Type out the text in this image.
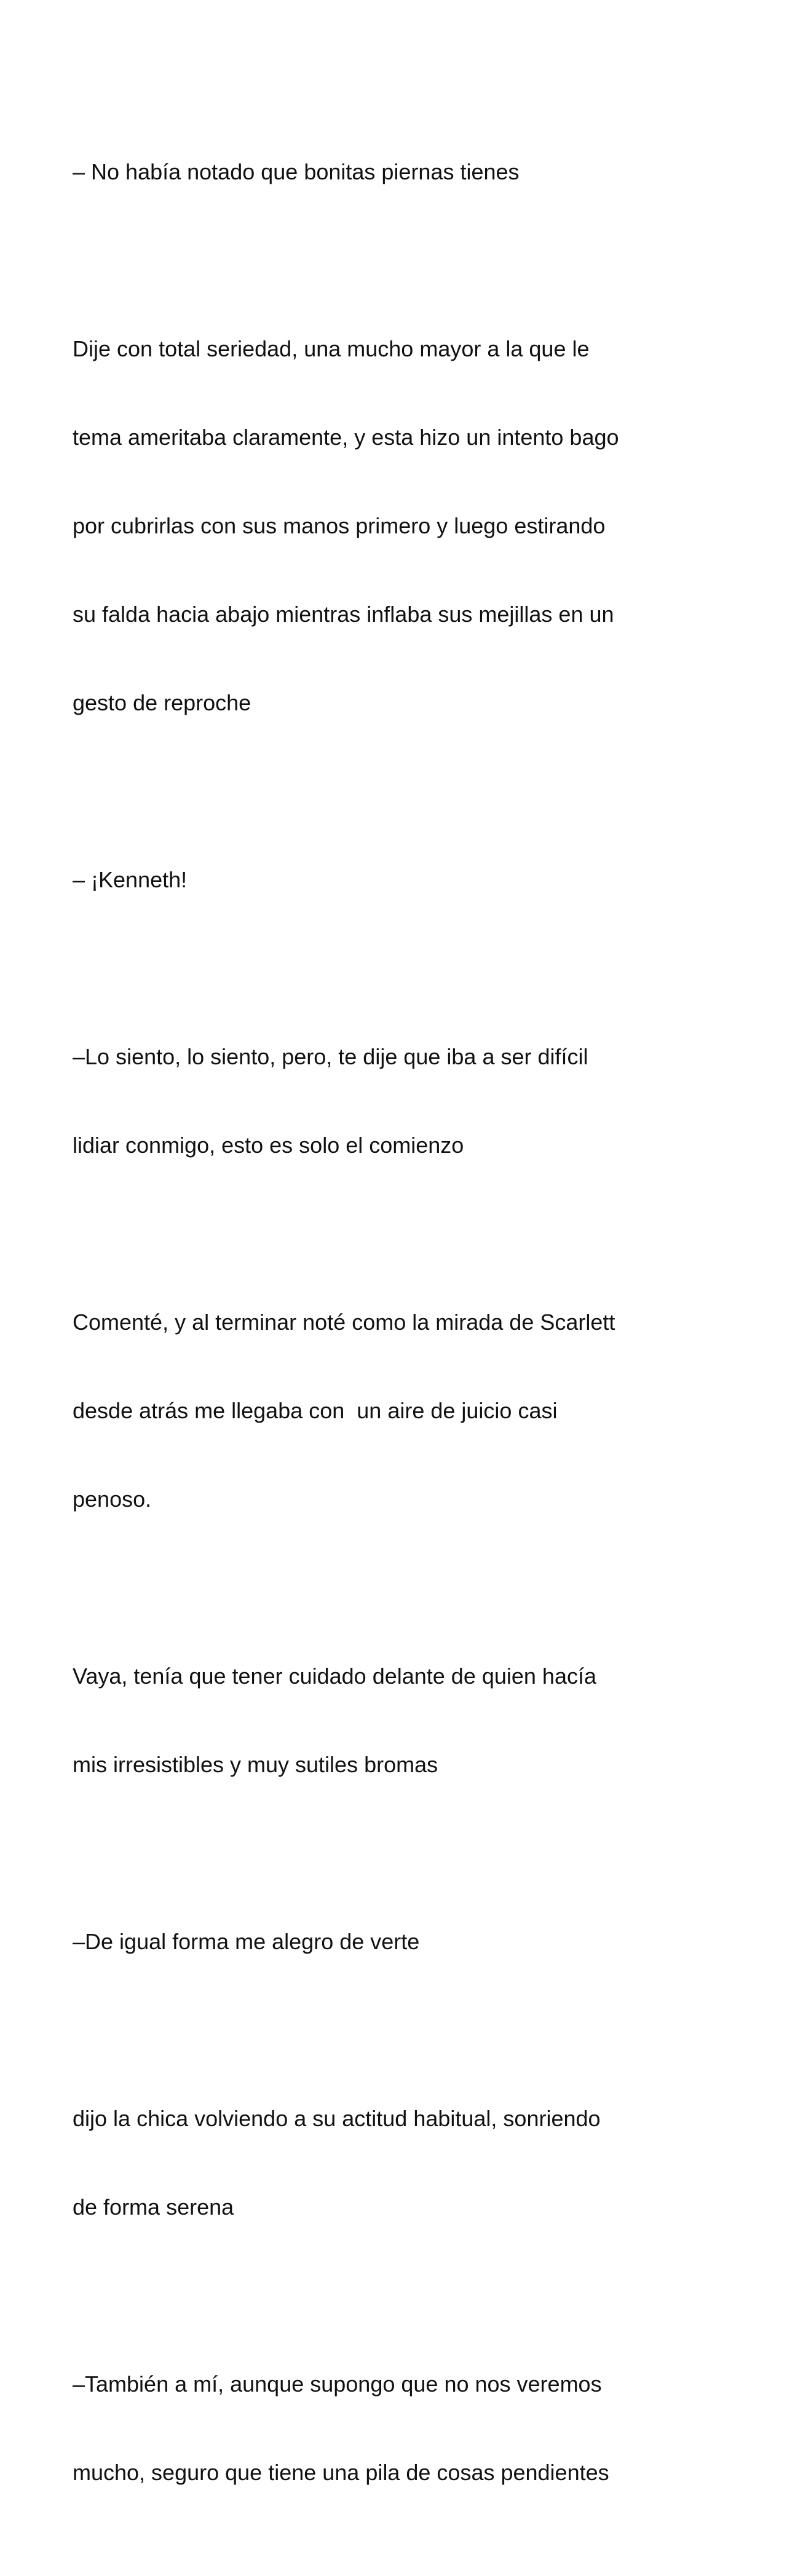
– No había notado que bonitas piernas tienes

Dije con total seriedad, una mucho mayor a la que le

tema ameritaba claramente, y esta hizo un intento bago

por cubrirlas con sus manos primero y luego estirando

su falda hacia abajo mientras inflaba sus mejillas en un

gesto de reproche

– ¡Kenneth!

–Lo siento, lo siento, pero, te dije que iba a ser difícil

lidiar conmigo, esto es solo el comienzo

Comenté, y al terminar noté como la mirada de Scarlett

desde atrás me llegaba con  un aire de juicio casi

penoso.

Vaya, tenía que tener cuidado delante de quien hacía

mis irresistibles y muy sutiles bromas

–De igual forma me alegro de verte

dijo la chica volviendo a su actitud habitual, sonriendo

de forma serena

–También a mí, aunque supongo que no nos veremos

mucho, seguro que tiene una pila de cosas pendientes
